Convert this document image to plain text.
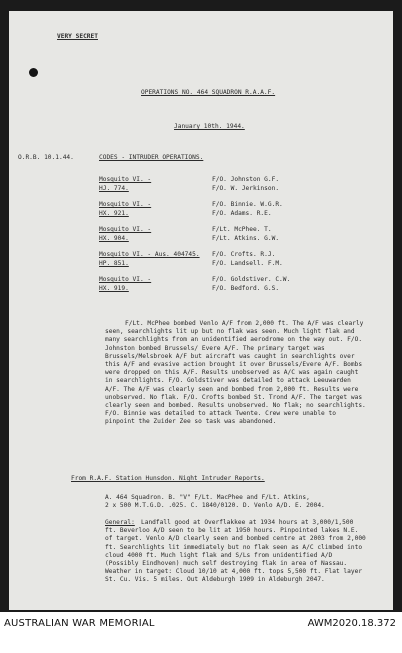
VERY SECRET
OPERATIONS NO. 464 SQUADRON R.A.A.F.
January 10th. 1944.
O.R.B. 10.1.44.	CODES - INTRUDER OPERATIONS.
Mosquito VI. -
HJ. 774.
F/O. Johnston G.F.
F/O. W. Jerkinson.
Mosquito VI. -
HX. 921.
F/O. Binnie. W.G.R.
F/O. Adams. R.E.
Mosquito VI. -
HX. 904.
F/Lt. McPhee. T.
F/Lt. Atkins. G.W.
Mosquito VI. - Aus. 404745.
HP. 851.
F/O. Crofts. R.J.
F/O. Landsell. F.M.
Mosquito VI. -
HX. 919.
F/O. Goldstiver. C.W.
F/O. Bedford. G.S.
F/Lt. McPhee bombed Venlo A/F from 2,000 ft. The A/F was clearly seen, searchlights lit up but no flak was seen. Much light flak and many searchlights from an unidentified aerodrome on the way out. F/O. Johnston bombed Brussels/ Evere A/F. The primary target was Brussels/Melsbroek A/F but aircraft was caught in searchlights over this A/F and evasive action brought it over Brussels/Evere A/F. Bombs were dropped on this A/F. Results unobserved as A/C was again caught in searchlights. F/O. Goldstiver was detailed to attack Leeuwarden A/F. The A/F was clearly seen and bombed from 2,000 ft. Results were unobserved. No flak. F/O. Crofts bombed St. Trond A/F. The target was clearly seen and bombed. Results unobserved. No flak; no searchlights. F/O. Binnie was detailed to attack Twente. Crew were unable to pinpoint the Zuider Zee so task was abandoned.
From R.A.F. Station Hunsdon. Night Intruder Reports.
A. 464 Squadron. B. "V" F/Lt. MacPhee and F/Lt. Atkins,
2 x 500 M.T.G.D. .025. C. 1840/0120. D. Venlo A/D. E. 2004.
General: Landfall good at Overflakkee at 1934 hours at 3,000/1,500 ft. Beverloo A/D seen to be lit at 1950 hours. Pinpointed lakes N.E. of target. Venlo A/D clearly seen and bombed centre at 2003 from 2,000 ft. Searchlights lit immediately but no flak seen as A/C climbed into cloud 4000 ft. Much light flak and S/Ls from unidentified A/D (Possibly Eindhoven) much self destroying flak in area of Nassau. Weather in target: Cloud 10/10 at 4,000 ft. tops 5,500 ft. Flat layer St. Cu. Vis. 5 miles. Out Aldeburgh 1909 in Aldeburgh 2047.
AUSTRALIAN WAR MEMORIAL	AWM2020.18.372
